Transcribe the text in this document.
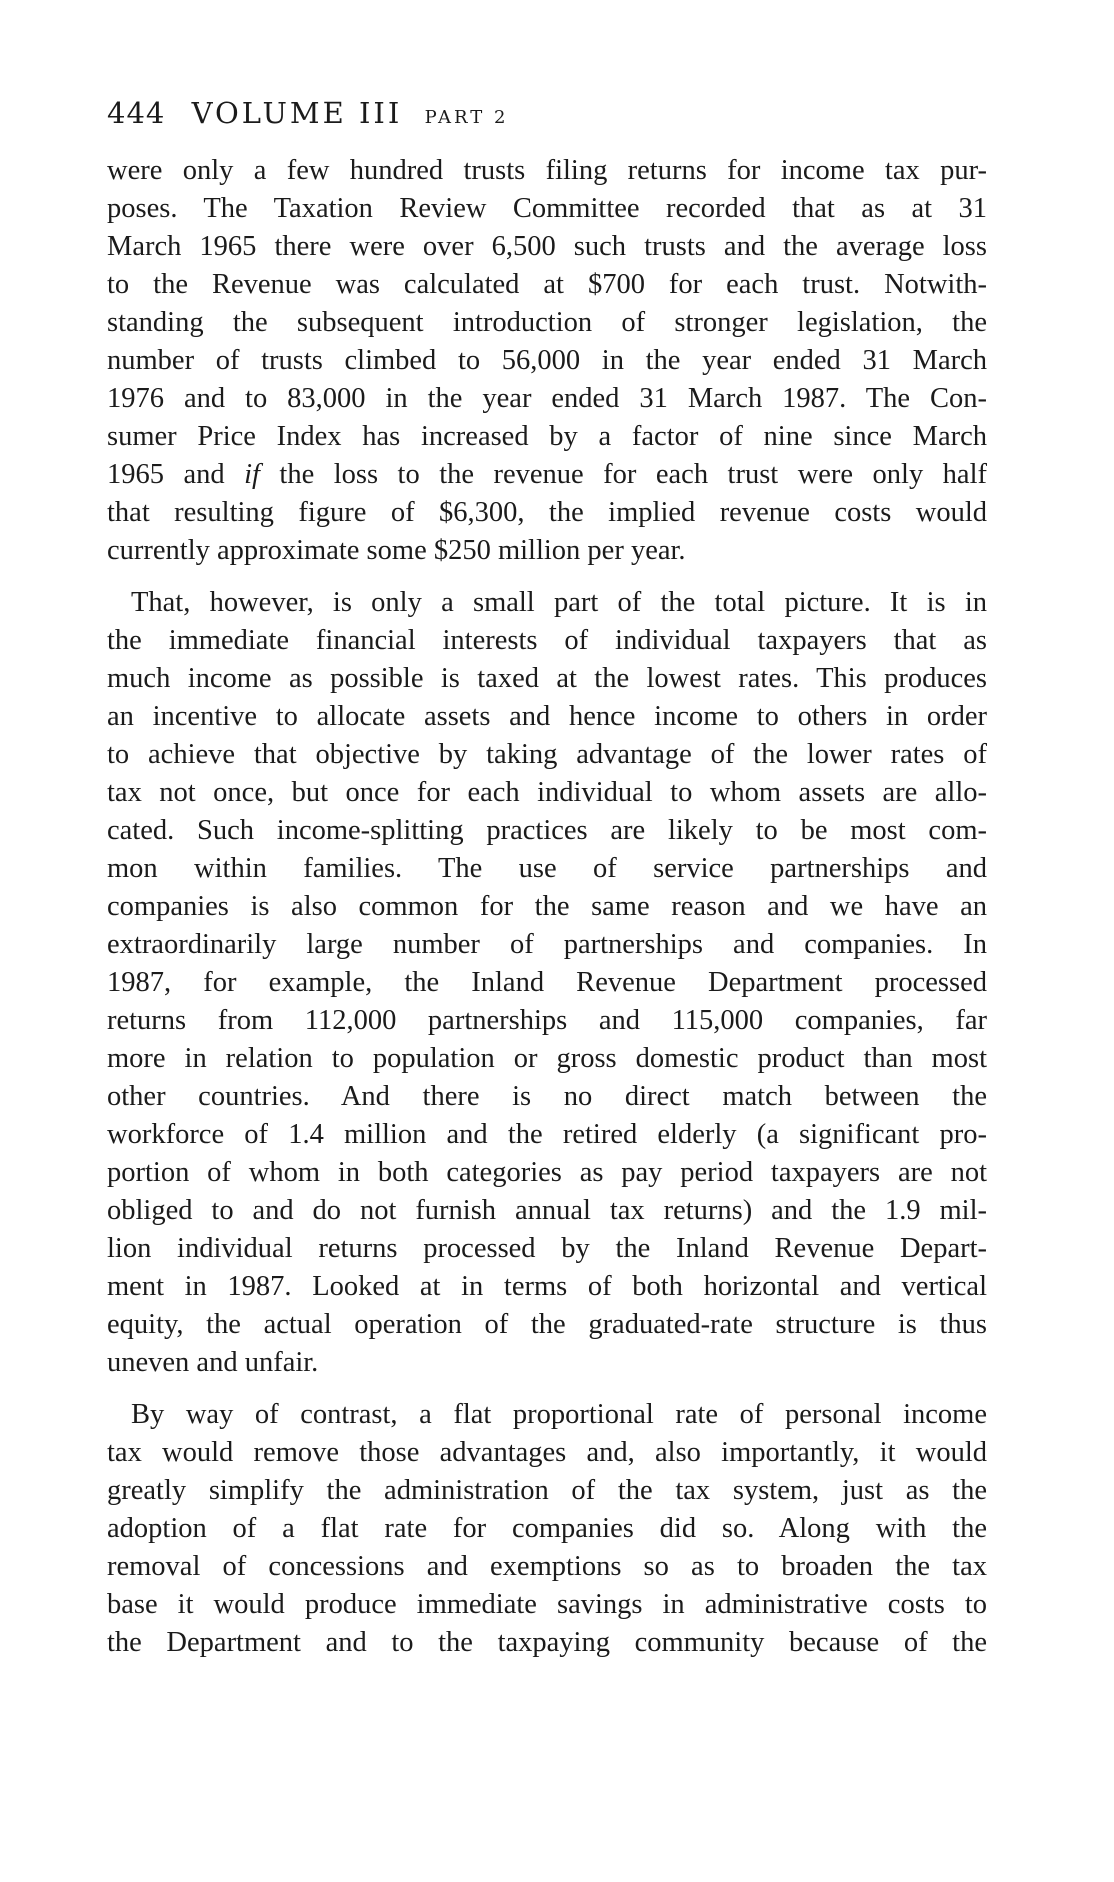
444 VOLUME III PART 2

were only a few hundred trusts filing returns for income tax pur-
poses. The Taxation Review Committee recorded that as at 31
March 1965 there were over 6,500 such trusts and the average loss
to the Revenue was calculated at $700 for each trust. Notwith-
standing the subsequent introduction of stronger legislation, the
number of trusts climbed to 56,000 in the year ended 31 March
1976 and to 83,000 in the year ended 31 March 1987. The Con-
sumer Price Index has increased by a factor of nine since March
1965 and if the loss to the revenue for each trust were only half
that resulting figure of $6,300, the implied revenue costs would
currently approximate some $250 million per year.

That, however, is only a small part of the total picture. It is in
the immediate financial interests of individual taxpayers that as
much income as possible is taxed at the lowest rates. This produces
an incentive to allocate assets and hence income to others in order
to achieve that objective by taking advantage of the lower rates of
tax not once, but once for each individual to whom assets are allo-
cated. Such income-splitting practices are likely to be most com-
mon within families. The use of service partnerships and
companies is also common for the same reason and we have an
extraordinarily large number of partnerships and companies. In
1987, for example, the Inland Revenue Department processed
returns from 112,000 partnerships and 115,000 companies, far
more in relation to population or gross domestic product than most
other countries. And there is no direct match between the
workforce of 1.4 million and the retired elderly (a significant pro-
portion of whom in both categories as pay period taxpayers are not
obliged to and do not furnish annual tax returns) and the 1.9 mil-
lion individual returns processed by the Inland Revenue Depart-
ment in 1987. Looked at in terms of both horizontal and vertical
equity, the actual operation of the graduated-rate structure is thus
uneven and unfair.

By way of contrast, a flat proportional rate of personal income
tax would remove those advantages and, also importantly, it would
greatly simplify the administration of the tax system, just as the
adoption of a flat rate for companies did so. Along with the
removal of concessions and exemptions so as to broaden the tax
base it would produce immediate savings in administrative costs to
the Department and to the taxpaying community because of the
